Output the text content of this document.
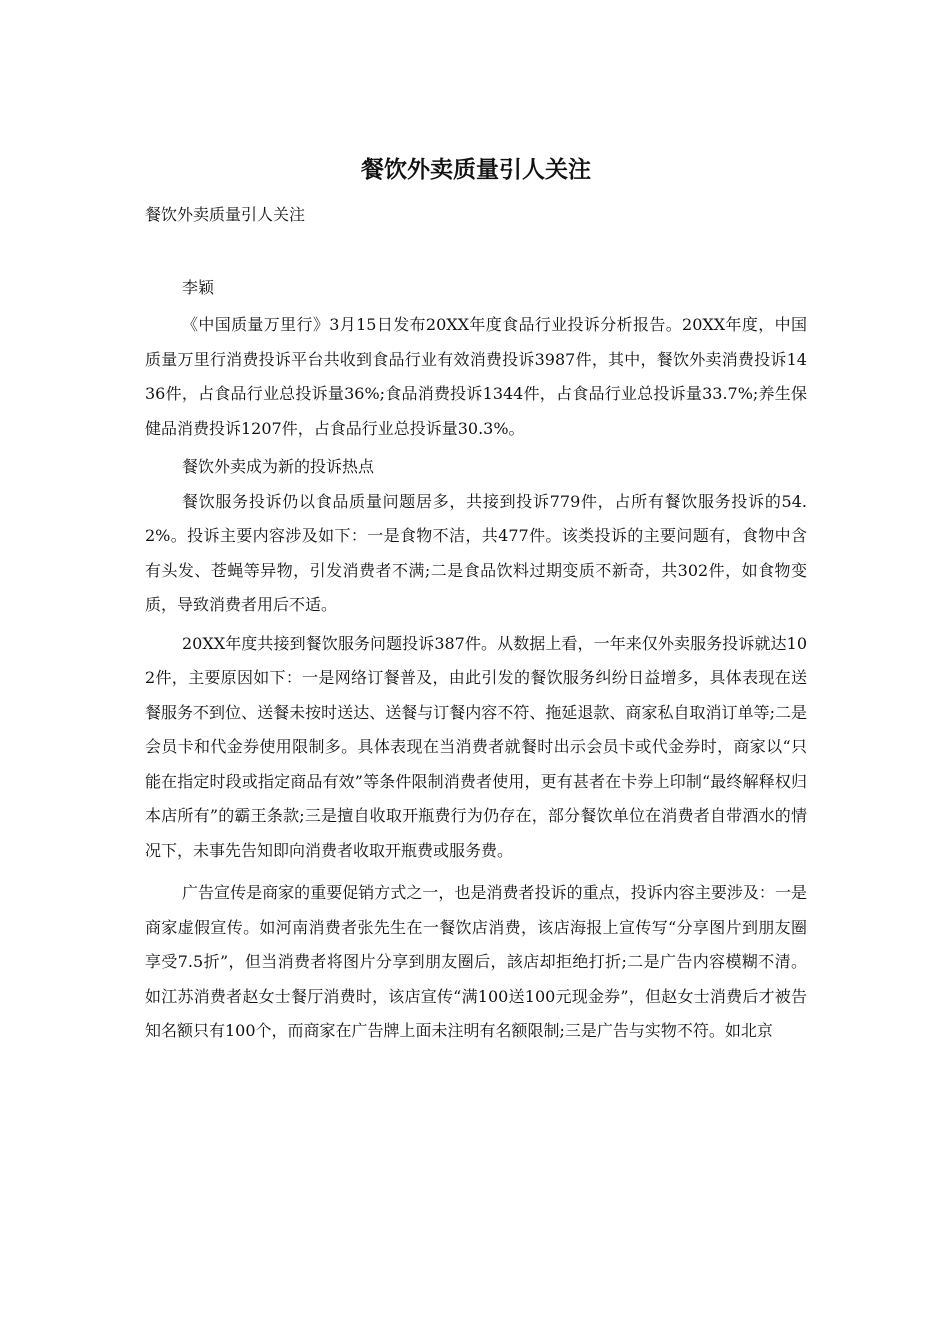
餐饮外卖质量引人关注

餐饮外卖质量引人关注

李颖

《中国质量万里行》3月15日发布20XX年度食品行业投诉分析报告。20XX年度，中国质量万里行消费投诉平台共收到食品行业有效消费投诉3987件，其中，餐饮外卖消费投诉1436件，占食品行业总投诉量36%;食品消费投诉1344件，占食品行业总投诉量33.7%;养生保健品消费投诉1207件，占食品行业总投诉量30.3%。

餐饮外卖成为新的投诉热点

餐饮服务投诉仍以食品质量问题居多，共接到投诉779件，占所有餐饮服务投诉的54.2%。投诉主要内容涉及如下：一是食物不洁，共477件。该类投诉的主要问题有，食物中含有头发、苍蝇等异物，引发消费者不满;二是食品饮料过期变质不新奇，共302件，如食物变质，导致消费者用后不适。

20XX年度共接到餐饮服务问题投诉387件。从数据上看，一年来仅外卖服务投诉就达102件，主要原因如下：一是网络订餐普及，由此引发的餐饮服务纠纷日益增多，具体表现在送餐服务不到位、送餐未按时送达、送餐与订餐内容不符、拖延退款、商家私自取消订单等;二是会员卡和代金券使用限制多。具体表现在当消费者就餐时出示会员卡或代金券时，商家以“只能在指定时段或指定商品有效”等条件限制消费者使用，更有甚者在卡券上印制“最终解释权归本店所有”的霸王条款;三是擅自收取开瓶费行为仍存在，部分餐饮单位在消费者自带酒水的情况下，未事先告知即向消费者收取开瓶费或服务费。

广告宣传是商家的重要促销方式之一，也是消费者投诉的重点，投诉内容主要涉及：一是商家虚假宣传。如河南消费者张先生在一餐饮店消费，该店海报上宣传写“分享图片到朋友圈享受7.5折”，但当消费者将图片分享到朋友圈后，該店却拒绝打折;二是广告内容模糊不清。如江苏消费者赵女士餐厅消费时，该店宣传“满100送100元现金券”，但赵女士消费后才被告知名额只有100个，而商家在广告牌上面未注明有名额限制;三是广告与实物不符。如北京
